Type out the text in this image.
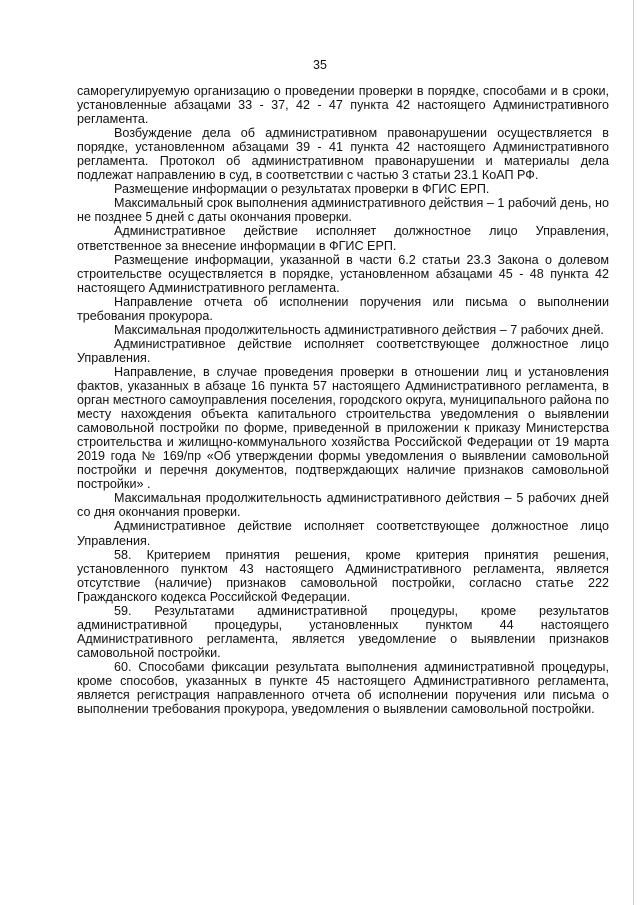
35

саморегулируемую организацию о проведении проверки в порядке, способами и в сроки, установленные абзацами 33 - 37, 42 - 47 пункта 42 настоящего Административного регламента.

Возбуждение дела об административном правонарушении осуществляется в порядке, установленном абзацами 39 - 41 пункта 42 настоящего Административного регламента. Протокол об административном правонарушении и материалы дела подлежат направлению в суд, в соответствии с частью 3 статьи 23.1 КоАП РФ.

Размещение информации о результатах проверки в ФГИС ЕРП.

Максимальный срок выполнения административного действия – 1 рабочий день, но не позднее 5 дней с даты окончания проверки.

Административное действие исполняет должностное лицо Управления, ответственное за внесение информации в ФГИС ЕРП.

Размещение информации, указанной в части 6.2 статьи 23.3 Закона о долевом строительстве осуществляется в порядке, установленном абзацами 45 - 48 пункта 42 настоящего Административного регламента.

Направление отчета об исполнении поручения или письма о выполнении требования прокурора.

Максимальная продолжительность административного действия – 7 рабочих дней.

Административное действие исполняет соответствующее должностное лицо Управления.

Направление, в случае проведения проверки в отношении лиц и установления фактов, указанных в абзаце 16 пункта 57 настоящего Административного регламента, в орган местного самоуправления поселения, городского округа, муниципального района по месту нахождения объекта капитального строительства уведомления о выявлении самовольной постройки по форме, приведенной в приложении к приказу Министерства строительства и жилищно-коммунального хозяйства Российской Федерации от 19 марта 2019 года № 169/пр «Об утверждении формы уведомления о выявлении самовольной постройки и перечня документов, подтверждающих наличие признаков самовольной постройки» .

Максимальная продолжительность административного действия – 5 рабочих дней со дня окончания проверки.

Административное действие исполняет соответствующее должностное лицо Управления.

58. Критерием принятия решения, кроме критерия принятия решения, установленного пунктом 43 настоящего Административного регламента, является отсутствие (наличие) признаков самовольной постройки, согласно статье 222 Гражданского кодекса Российской Федерации.

59. Результатами административной процедуры, кроме результатов административной процедуры, установленных пунктом 44 настоящего Административного регламента, является уведомление о выявлении признаков самовольной постройки.

60. Способами фиксации результата выполнения административной процедуры, кроме способов, указанных в пункте 45 настоящего Административного регламента, является регистрация направленного отчета об исполнении поручения или письма о выполнении требования прокурора, уведомления о выявлении самовольной постройки.
